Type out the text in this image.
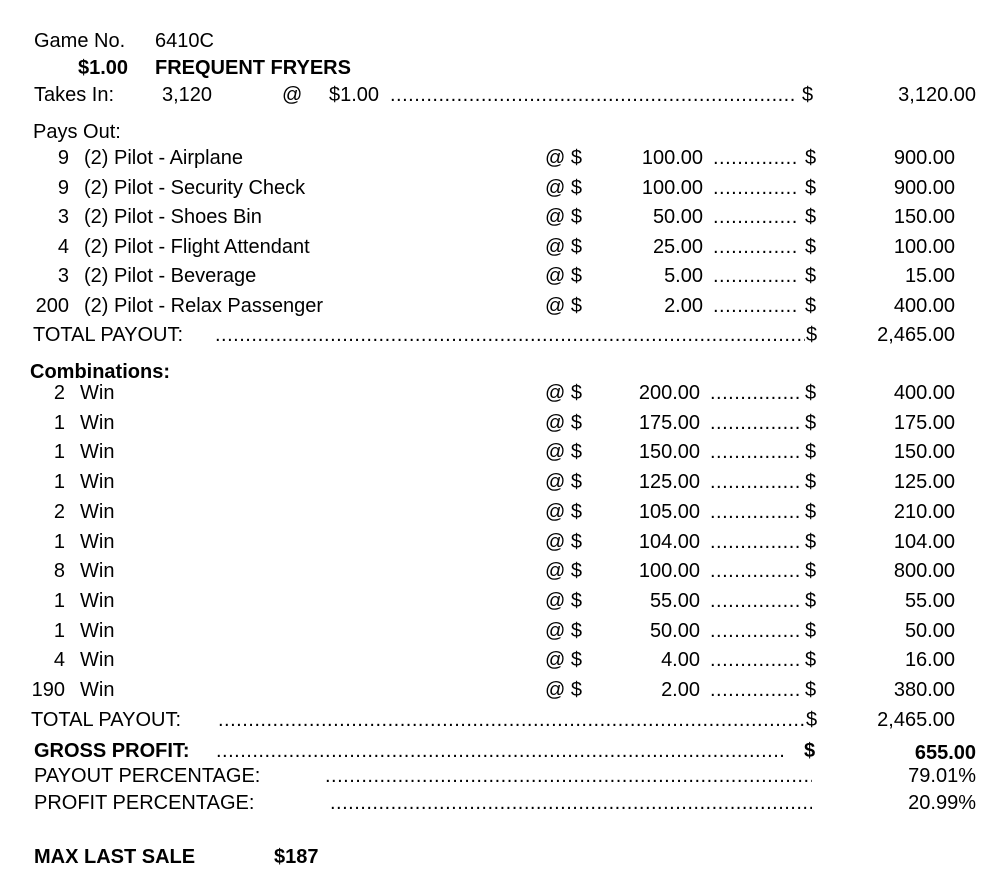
Game No. 6410C
$1.00 FREQUENT FRYERS
Takes In: 3,120	@ $1.00 .....	$	3,120.00
Pays Out:
9 (2) Pilot - Airplane	@ $	100.00 .....	$	900.00
9 (2) Pilot - Security Check	@ $	100.00 .....	$	900.00
3 (2) Pilot - Shoes Bin	@ $	50.00 .....	$	150.00
4 (2) Pilot - Flight Attendant	@ $	25.00 .....	$	100.00
3 (2) Pilot - Beverage	@ $	5.00 .....	$	15.00
200 (2) Pilot - Relax Passenger	@ $	2.00 .....	$	400.00
TOTAL PAYOUT: .....	$	2,465.00
Combinations:
2 Win	@ $	200.00 .....	$	400.00
1 Win	@ $	175.00 .....	$	175.00
1 Win	@ $	150.00 .....	$	150.00
1 Win	@ $	125.00 .....	$	125.00
2 Win	@ $	105.00 .....	$	210.00
1 Win	@ $	104.00 .....	$	104.00
8 Win	@ $	100.00 .....	$	800.00
1 Win	@ $	55.00 .....	$	55.00
1 Win	@ $	50.00 .....	$	50.00
4 Win	@ $	4.00 .....	$	16.00
190 Win	@ $	2.00 .....	$	380.00
TOTAL PAYOUT: .....	$	2,465.00
GROSS PROFIT: .....	$	655.00
PAYOUT PERCENTAGE: .....	79.01%
PROFIT PERCENTAGE: .....	20.99%
MAX LAST SALE	$187
